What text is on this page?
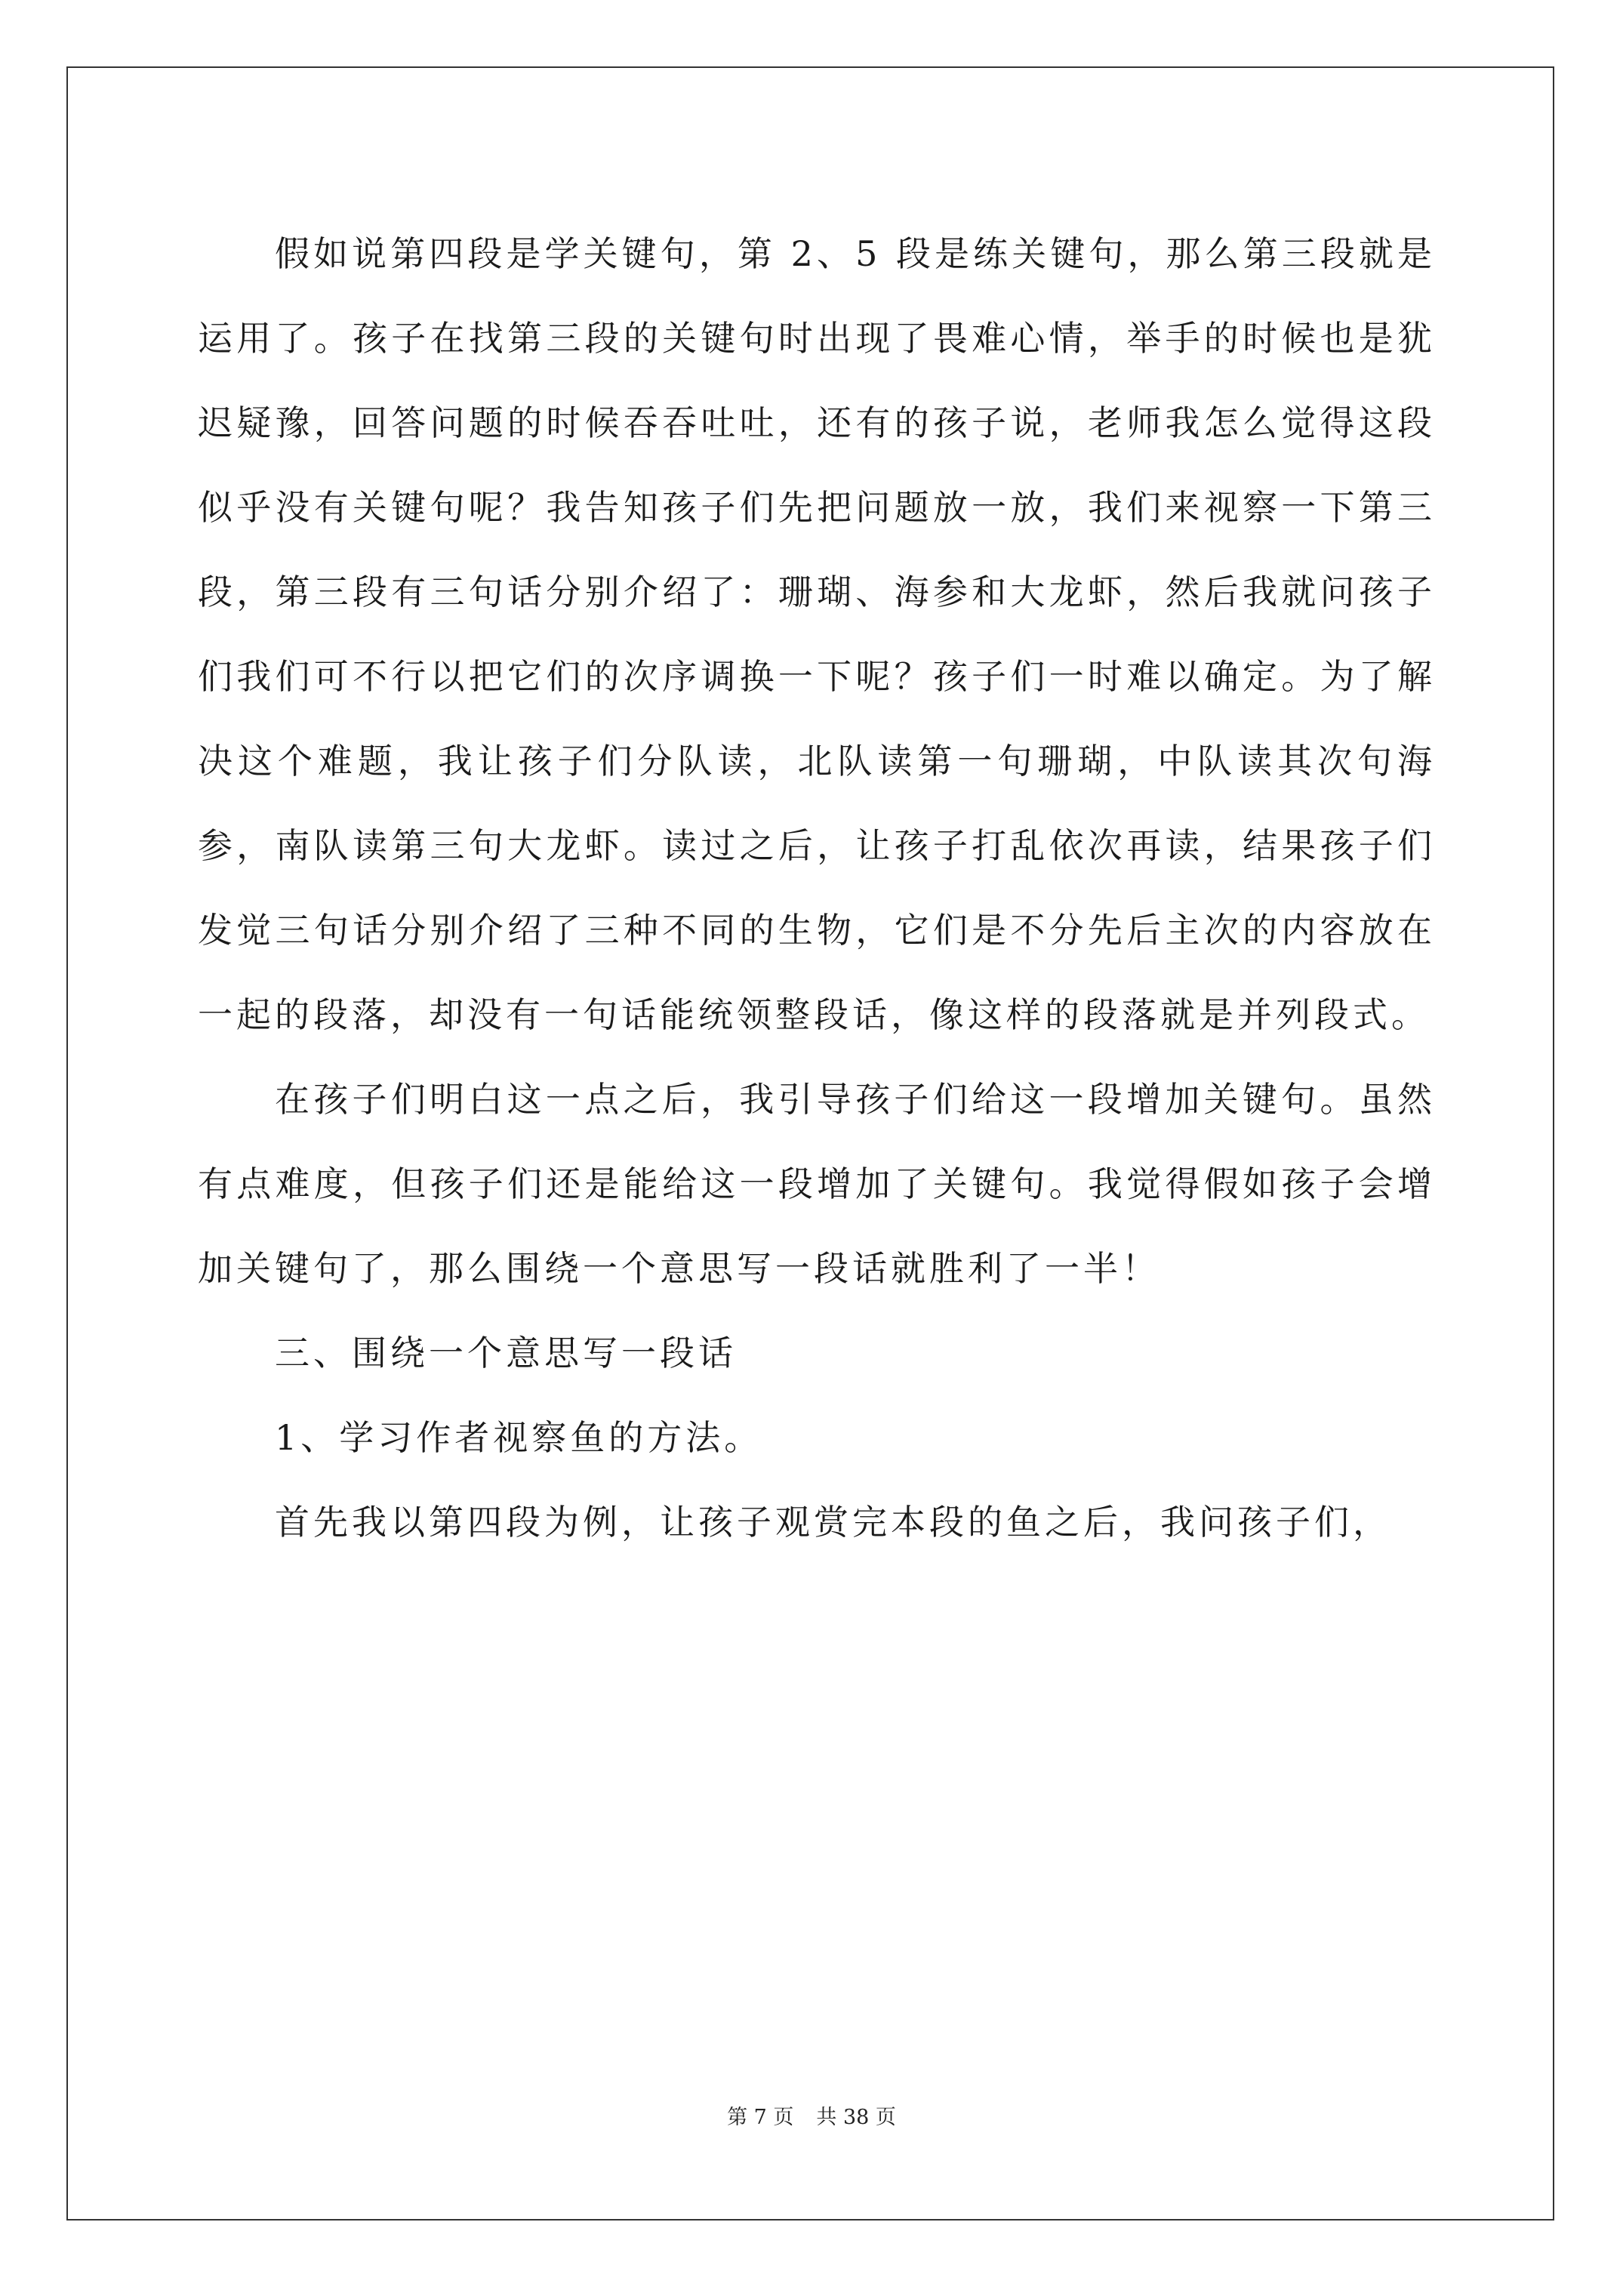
假如说第四段是学关键句，第 2、5 段是练关键句，那么第三段就是运用了。孩子在找第三段的关键句时出现了畏难心情，举手的时候也是犹迟疑豫，回答问题的时候吞吞吐吐，还有的孩子说，老师我怎么觉得这段似乎没有关键句呢？我告知孩子们先把问题放一放，我们来视察一下第三段，第三段有三句话分别介绍了：珊瑚、海参和大龙虾，然后我就问孩子们我们可不行以把它们的次序调换一下呢？孩子们一时难以确定。为了解决这个难题，我让孩子们分队读，北队读第一句珊瑚，中队读其次句海参，南队读第三句大龙虾。读过之后，让孩子打乱依次再读，结果孩子们发觉三句话分别介绍了三种不同的生物，它们是不分先后主次的内容放在一起的段落，却没有一句话能统领整段话，像这样的段落就是并列段式。

在孩子们明白这一点之后，我引导孩子们给这一段增加关键句。虽然有点难度，但孩子们还是能给这一段增加了关键句。我觉得假如孩子会增加关键句了，那么围绕一个意思写一段话就胜利了一半！

三、围绕一个意思写一段话

1、学习作者视察鱼的方法。

首先我以第四段为例，让孩子观赏完本段的鱼之后，我问孩子们，

第 7 页 共 38 页
